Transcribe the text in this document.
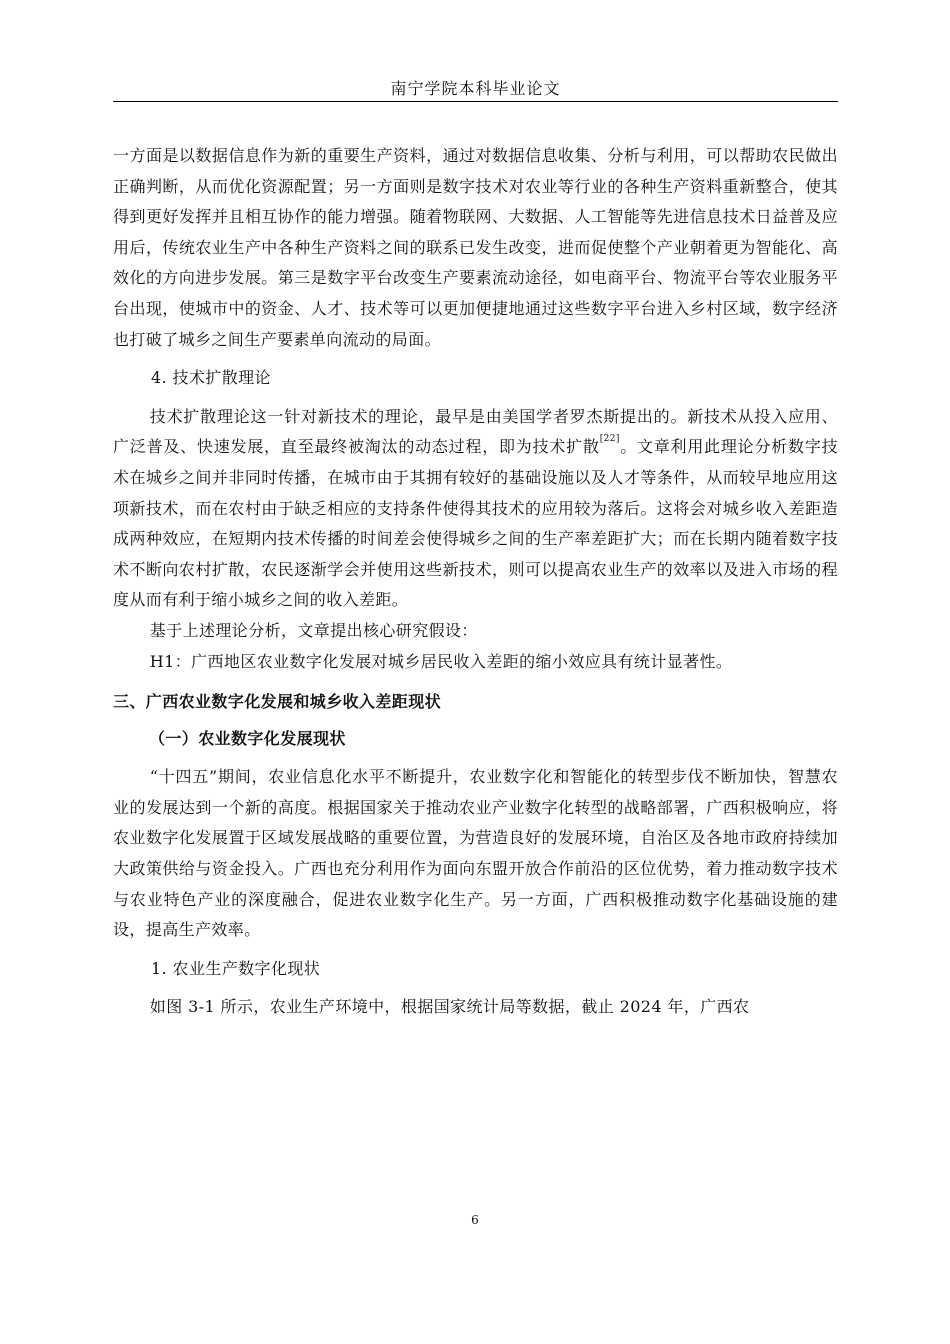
南宁学院本科毕业论文

一方面是以数据信息作为新的重要生产资料，通过对数据信息收集、分析与利用，可以帮助农民做出正确判断，从而优化资源配置；另一方面则是数字技术对农业等行业的各种生产资料重新整合，使其得到更好发挥并且相互协作的能力增强。随着物联网、大数据、人工智能等先进信息技术日益普及应用后，传统农业生产中各种生产资料之间的联系已发生改变，进而促使整个产业朝着更为智能化、高效化的方向进步发展。第三是数字平台改变生产要素流动途径，如电商平台、物流平台等农业服务平台出现，使城市中的资金、人才、技术等可以更加便捷地通过这些数字平台进入乡村区域，数字经济也打破了城乡之间生产要素单向流动的局面。

4. 技术扩散理论

技术扩散理论这一针对新技术的理论，最早是由美国学者罗杰斯提出的。新技术从投入应用、广泛普及、快速发展，直至最终被淘汰的动态过程，即为技术扩散[22]。文章利用此理论分析数字技术在城乡之间并非同时传播，在城市由于其拥有较好的基础设施以及人才等条件，从而较早地应用这项新技术，而在农村由于缺乏相应的支持条件使得其技术的应用较为落后。这将会对城乡收入差距造成两种效应，在短期内技术传播的时间差会使得城乡之间的生产率差距扩大；而在长期内随着数字技术不断向农村扩散，农民逐渐学会并使用这些新技术，则可以提高农业生产的效率以及进入市场的程度从而有利于缩小城乡之间的收入差距。

基于上述理论分析，文章提出核心研究假设：

H1：广西地区农业数字化发展对城乡居民收入差距的缩小效应具有统计显著性。

三、广西农业数字化发展和城乡收入差距现状

（一）农业数字化发展现状

“十四五”期间，农业信息化水平不断提升，农业数字化和智能化的转型步伐不断加快，智慧农业的发展达到一个新的高度。根据国家关于推动农业产业数字化转型的战略部署，广西积极响应，将农业数字化发展置于区域发展战略的重要位置，为营造良好的发展环境，自治区及各地市政府持续加大政策供给与资金投入。广西也充分利用作为面向东盟开放合作前沿的区位优势，着力推动数字技术与农业特色产业的深度融合，促进农业数字化生产。另一方面，广西积极推动数字化基础设施的建设，提高生产效率。

1. 农业生产数字化现状

如图 3-1 所示，农业生产环境中，根据国家统计局等数据，截止 2024 年，广西农

6
